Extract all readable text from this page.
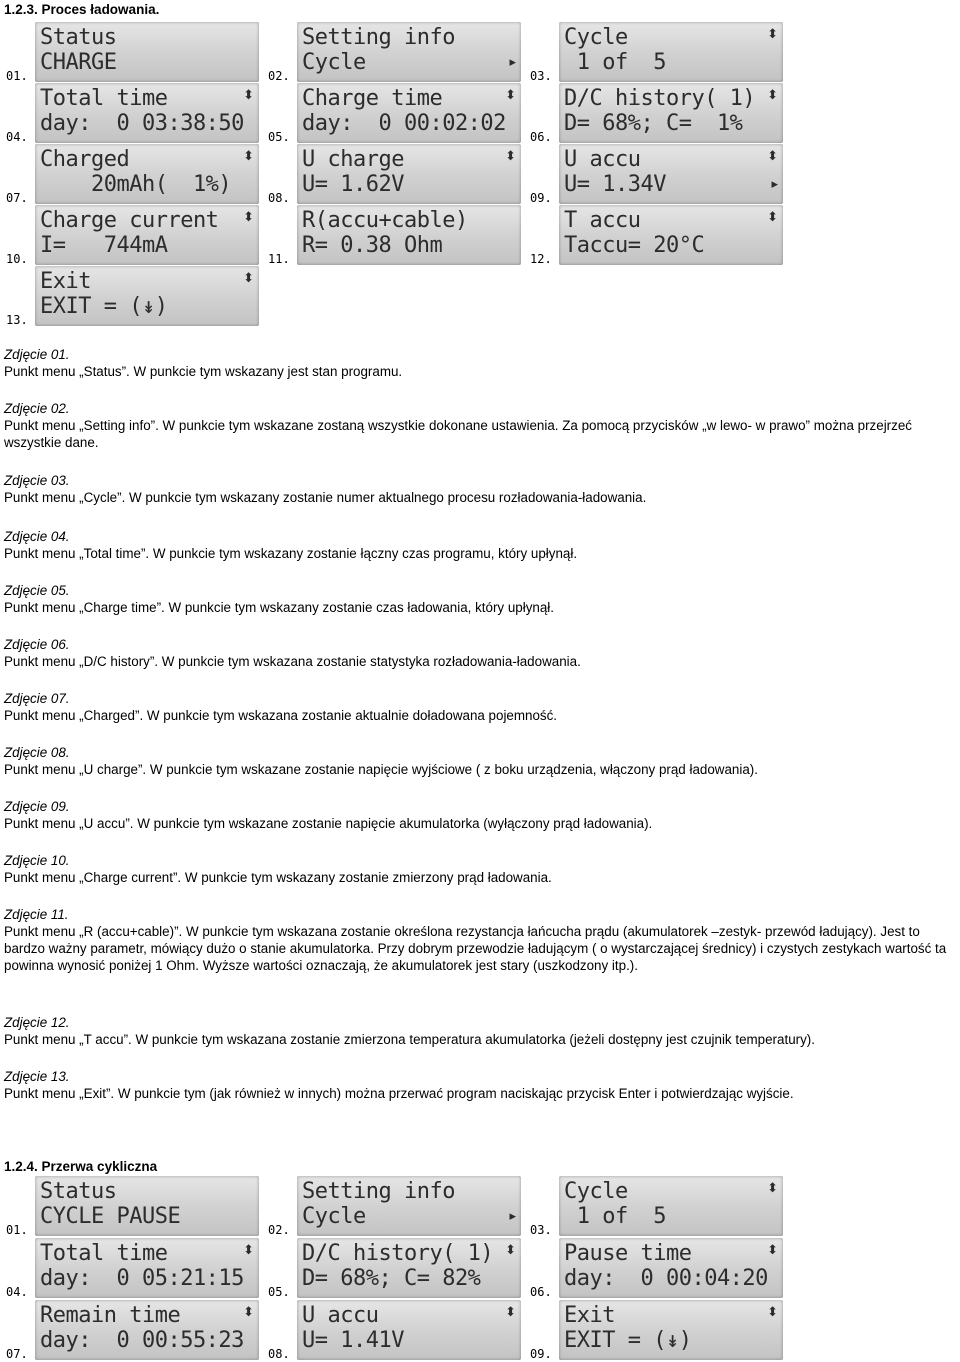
1.2.3. Proces ładowania.
Status
CHARGE
01.
Setting info
Cycle	▸
02.
Cycle
1 of  5
⬍
03.
Total time
day:  0 03:38:50
⬍
04.
Charge time
day:  0 00:02:02
⬍
05.
D/C history( 1)
D= 68%; C=  1%
⬍
06.
Charged
20mAh(  1%)
⬍
07.
U charge
U= 1.62V
⬍
08.
U accu
U= 1.34V
⬍
▸
09.
Charge current
I=   744mA
⬍
10.
R(accu+cable)
R= 0.38 Ohm
11.
T accu
Taccu= 20°C
⬍
12.
Exit
EXIT = (↡)
⬍
13.
Zdjęcie 01.
Punkt menu „Status”. W punkcie tym wskazany jest stan programu.
Zdjęcie 02.
Punkt menu „Setting info”. W punkcie tym wskazane zostaną wszystkie dokonane ustawienia. Za pomocą przycisków „w lewo- w prawo” można przejrzeć wszystkie dane.
Zdjęcie 03.
Punkt menu „Cycle”. W punkcie tym wskazany zostanie numer aktualnego procesu rozładowania-ładowania.
Zdjęcie 04.
Punkt menu „Total time”. W punkcie tym wskazany zostanie łączny czas programu, który upłynął.
Zdjęcie 05.
Punkt menu „Charge time”. W punkcie tym wskazany zostanie czas ładowania, który upłynął.
Zdjęcie 06.
Punkt menu „D/C history”. W punkcie tym wskazana zostanie statystyka rozładowania-ładowania.
Zdjęcie 07.
Punkt menu „Charged”. W punkcie tym wskazana zostanie aktualnie doładowana pojemność.
Zdjęcie 08.
Punkt menu „U charge”. W punkcie tym wskazane zostanie napięcie wyjściowe ( z boku urządzenia, włączony prąd ładowania).
Zdjęcie 09.
Punkt menu „U accu”. W punkcie tym wskazane zostanie napięcie akumulatorka (wyłączony prąd ładowania).
Zdjęcie 10.
Punkt menu „Charge current”. W punkcie tym wskazany zostanie zmierzony prąd ładowania.
Zdjęcie 11.
Punkt menu „R (accu+cable)”. W punkcie tym wskazana zostanie określona rezystancja łańcucha prądu (akumulatorek –zestyk- przewód ładujący). Jest to bardzo ważny parametr, mówiący dużo o stanie akumulatorka. Przy dobrym przewodzie ładującym ( o wystarczającej średnicy) i czystych zestykach wartość ta powinna wynosić poniżej 1 Ohm. Wyższe wartości oznaczają, że akumulatorek jest stary (uszkodzony itp.).
Zdjęcie 12.
Punkt menu „T accu”. W punkcie tym wskazana zostanie zmierzona temperatura akumulatorka (jeżeli dostępny jest czujnik temperatury).
Zdjęcie 13.
Punkt menu „Exit”. W punkcie tym (jak również w innych) można przerwać program naciskając przycisk Enter i potwierdzając wyjście.
1.2.4. Przerwa cykliczna
Status
CYCLE PAUSE
01.
Setting info
Cycle	▸
02.
Cycle
1 of  5
⬍
03.
Total time
day:  0 05:21:15
⬍
04.
D/C history( 1)
D= 68%; C= 82%
⬍
05.
Pause time
day:  0 00:04:20
⬍
06.
Remain time
day:  0 00:55:23
⬍
07.
U accu
U= 1.41V
⬍
08.
Exit
EXIT = (↡)
⬍
09.
